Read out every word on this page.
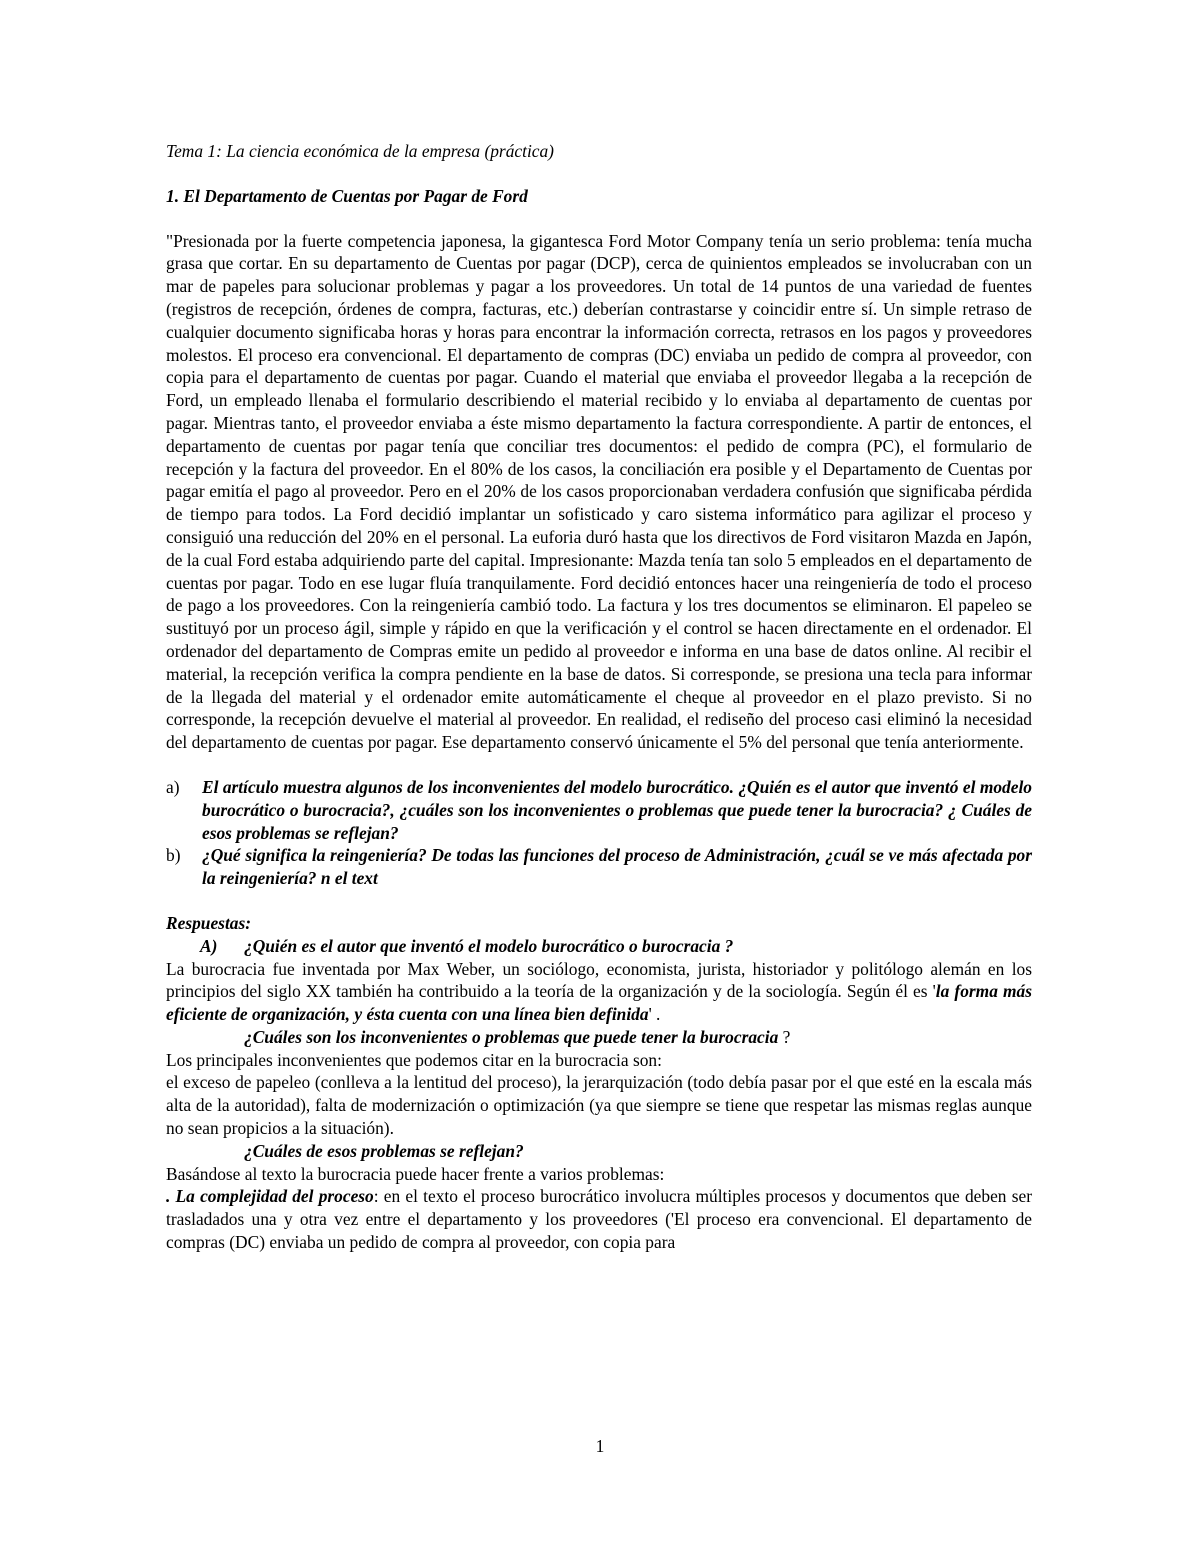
Tema 1: La ciencia económica de la empresa (práctica)

1. El Departamento de Cuentas por Pagar de Ford

"Presionada por la fuerte competencia japonesa, la gigantesca Ford Motor Company tenía un serio problema: tenía mucha grasa que cortar. En su departamento de Cuentas por pagar (DCP), cerca de quinientos empleados se involucraban con un mar de papeles para solucionar problemas y pagar a los proveedores. Un total de 14 puntos de una variedad de fuentes (registros de recepción, órdenes de compra, facturas, etc.) deberían contrastarse y coincidir entre sí. Un simple retraso de cualquier documento significaba horas y horas para encontrar la información correcta, retrasos en los pagos y proveedores molestos. El proceso era convencional. El departamento de compras (DC) enviaba un pedido de compra al proveedor, con copia para el departamento de cuentas por pagar. Cuando el material que enviaba el proveedor llegaba a la recepción de Ford, un empleado llenaba el formulario describiendo el material recibido y lo enviaba al departamento de cuentas por pagar. Mientras tanto, el proveedor enviaba a éste mismo departamento la factura correspondiente. A partir de entonces, el departamento de cuentas por pagar tenía que conciliar tres documentos: el pedido de compra (PC), el formulario de recepción y la factura del proveedor. En el 80% de los casos, la conciliación era posible y el Departamento de Cuentas por pagar emitía el pago al proveedor. Pero en el 20% de los casos proporcionaban verdadera confusión que significaba pérdida de tiempo para todos. La Ford decidió implantar un sofisticado y caro sistema informático para agilizar el proceso y consiguió una reducción del 20% en el personal. La euforia duró hasta que los directivos de Ford visitaron Mazda en Japón, de la cual Ford estaba adquiriendo parte del capital. Impresionante: Mazda tenía tan solo 5 empleados en el departamento de cuentas por pagar. Todo en ese lugar fluía tranquilamente. Ford decidió entonces hacer una reingeniería de todo el proceso de pago a los proveedores. Con la reingeniería cambió todo. La factura y los tres documentos se eliminaron. El papeleo se sustituyó por un proceso ágil, simple y rápido en que la verificación y el control se hacen directamente en el ordenador. El ordenador del departamento de Compras emite un pedido al proveedor e informa en una base de datos online. Al recibir el material, la recepción verifica la compra pendiente en la base de datos. Si corresponde, se presiona una tecla para informar de la llegada del material y el ordenador emite automáticamente el cheque al proveedor en el plazo previsto. Si no corresponde, la recepción devuelve el material al proveedor. En realidad, el rediseño del proceso casi eliminó la necesidad del departamento de cuentas por pagar. Ese departamento conservó únicamente el 5% del personal que tenía anteriormente.

a)	El artículo muestra algunos de los inconvenientes del modelo burocrático. ¿Quién es el autor que inventó el modelo burocrático o burocracia?, ¿cuáles son los inconvenientes o problemas que puede tener la burocracia? ¿ Cuáles de esos problemas se reflejan?
b)	¿Qué significa la reingeniería? De todas las funciones del proceso de Administración, ¿cuál se ve más afectada por la reingeniería? n el text

Respuestas:

A) ¿Quién es el autor que inventó el modelo burocrático o burocracia ?

La burocracia fue inventada por Max Weber, un sociólogo, economista, jurista, historiador y politólogo alemán en los principios del siglo XX también ha contribuido a la teoría de la organización y de la sociología. Según él es 'la forma más eficiente de organización, y ésta cuenta con una línea bien definida' .

¿Cuáles son los inconvenientes o problemas que puede tener la burocracia ?

Los principales inconvenientes que podemos citar en la burocracia son:

el exceso de papeleo (conlleva a la lentitud del proceso), la jerarquización (todo debía pasar por el que esté en la escala más alta de la autoridad), falta de modernización o optimización (ya que siempre se tiene que respetar las mismas reglas aunque no sean propicios a la situación).

¿Cuáles de esos problemas se reflejan?

Basándose al texto la burocracia puede hacer frente a varios problemas:

. La complejidad del proceso: en el texto el proceso burocrático involucra múltiples procesos y documentos que deben ser trasladados una y otra vez entre el departamento y los proveedores ('El proceso era convencional. El departamento de compras (DC) enviaba un pedido de compra al proveedor, con copia para

1
